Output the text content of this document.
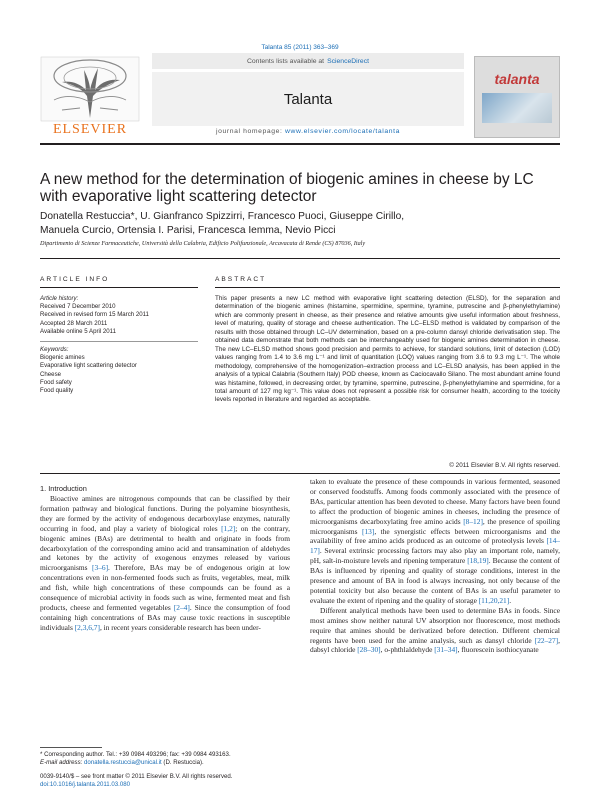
Talanta 85 (2011) 363–369
ELSEVIER
Contents lists available at ScienceDirect
Talanta
journal homepage: www.elsevier.com/locate/talanta
talanta
A new method for the determination of biogenic amines in cheese by LC with evaporative light scattering detector
Donatella Restuccia*, U. Gianfranco Spizzirri, Francesco Puoci, Giuseppe Cirillo,
Manuela Curcio, Ortensia I. Parisi, Francesca Iemma, Nevio Picci
Dipartimento di Scienze Farmaceutiche, Università della Calabria, Edificio Polifunzionale, Arcavacata di Rende (CS) 87036, Italy
ARTICLE INFO	ABSTRACT
Article history:
Received 7 December 2010
Received in revised form 15 March 2011
Accepted 28 March 2011
Available online 5 April 2011
Keywords:
Biogenic amines
Evaporative light scattering detector
Cheese
Food safety
Food quality
This paper presents a new LC method with evaporative light scattering detection (ELSD), for the separation and determination of the biogenic amines (histamine, spermidine, spermine, tyramine, putrescine and β-phenylethylamine) which are commonly present in cheese, as their presence and relative amounts give useful information about freshness, level of maturing, quality of storage and cheese authentication. The LC–ELSD method is validated by comparison of the results with those obtained through LC–UV determination, based on a pre-column dansyl chloride derivatisation step. The obtained data demonstrate that both methods can be interchangeably used for biogenic amines determination in cheese. The new LC–ELSD method shows good precision and permits to achieve, for standard solutions, limit of detection (LOD) values ranging from 1.4 to 3.6 mg L⁻¹ and limit of quantitation (LOQ) values ranging from 3.6 to 9.3 mg L⁻¹. The whole methodology, comprehensive of the homogenization–extraction process and LC–ELSD analysis, has been applied in the analysis of a typical Calabria (Southern Italy) POD cheese, known as Caciocavallo Silano. The most abundant amine found was histamine, followed, in decreasing order, by tyramine, spermine, putrescine, β-phenylethylamine and spermidine, for a total amount of 127 mg kg⁻¹. This value does not represent a possible risk for consumer health, according to the toxicity levels reported in literature and regarded as acceptable.
© 2011 Elsevier B.V. All rights reserved.
1. Introduction

Bioactive amines are nitrogenous compounds that can be classified by their formation pathway and biological functions. During the polyamine biosynthesis, they are formed by the activity of endogenous decarboxylase enzymes, naturally occurring in food, and play a variety of biological roles [1,2]; on the contrary, biogenic amines (BAs) are detrimental to health and originate in foods from decarboxylation of the corresponding amino acid and transamination of aldehydes and ketones by the activity of exogenous enzymes released by various microorganisms [3–6]. Therefore, BAs may be of endogenous origin at low concentrations even in non-fermented foods such as fruits, vegetables, meat, milk and fish, while high concentrations of these compounds can be found as a consequence of microbial activity in foods such as wine, fermented meat and fish products, cheese and fermented vegetables [2–4]. Since the consumption of food containing high concentrations of BAs may cause toxic reactions in susceptible individuals [2,3,6,7], in recent years considerable research has been under-

taken to evaluate the presence of these compounds in various fermented, seasoned or conserved foodstuffs. Among foods commonly associated with the presence of BAs, particular attention has been devoted to cheese. Many factors have been found to affect the production of biogenic amines in cheeses, including the presence of microorganisms decarboxylating free amino acids [8–12], the presence of spoiling microorganisms [13], the synergistic effects between microorganisms and the availability of free amino acids produced as an outcome of proteolysis levels [14–17]. Several extrinsic processing factors may also play an important role, namely, pH, salt-in-moisture levels and ripening temperature [18,19]. Because the content of BAs is influenced by ripening and quality of storage conditions, interest in the presence and amount of BA in food is always increasing, not only because of the potential toxicity but also because the content of BAs is an useful parameter to evaluate the extent of ripening and the quality of storage [11,20,21].

Different analytical methods have been used to determine BAs in foods. Since most amines show neither natural UV absorption nor fluorescence, most methods require that amines should be derivatized before detection. Different chemical regents have been used for the amine analysis, such as dansyl chloride [22–27], dabsyl chloride [28–30], o-phthlaldehyde [31–34], fluorescein isothiocyanate

* Corresponding author. Tel.: +39 0984 493296; fax: +39 0984 493163.
E-mail address: donatella.restuccia@unical.it (D. Restuccia).
0039-9140/$ – see front matter © 2011 Elsevier B.V. All rights reserved.
doi:10.1016/j.talanta.2011.03.080
